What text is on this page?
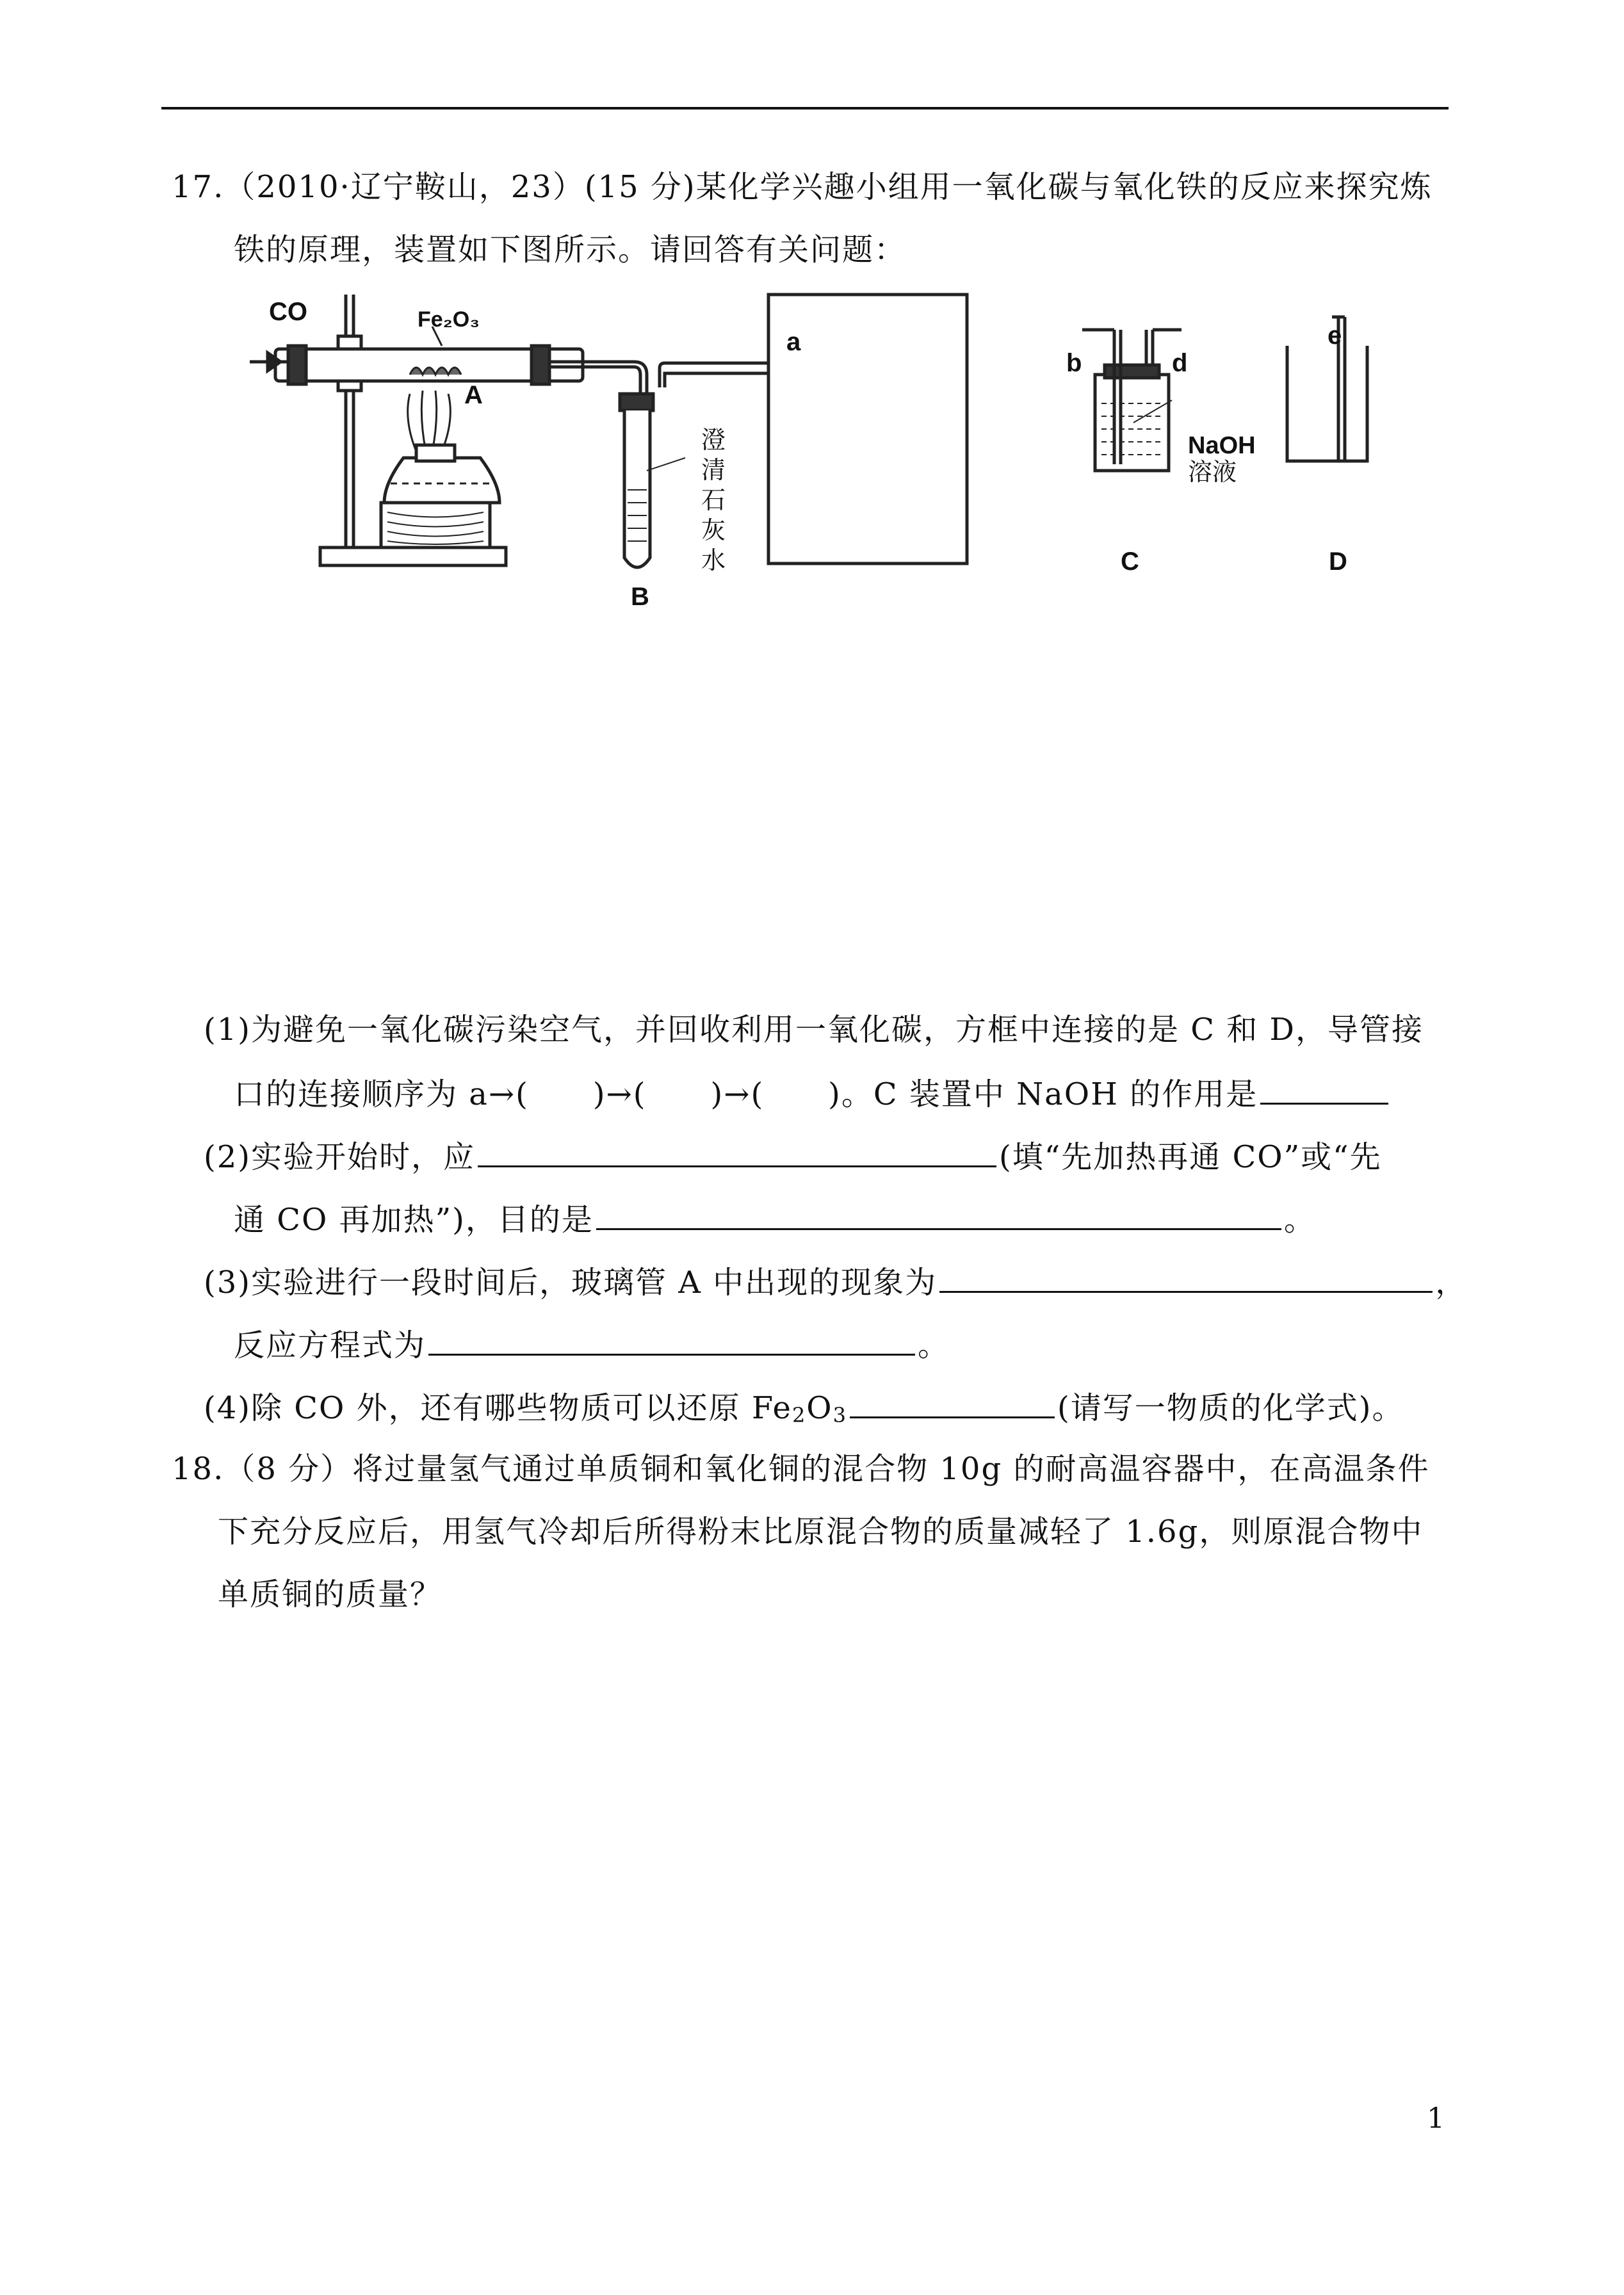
17.（2010·辽宁鞍山，23）(15 分)某化学兴趣小组用一氧化碳与氧化铁的反应来探究炼
铁的原理，装置如下图所示。请回答有关问题：
CO	Fe₂O₃
A
B
C	D
a
b	d
e
NaOH
溶液
澄
清
石
灰
水
(1)为避免一氧化碳污染空气，并回收利用一氧化碳，方框中连接的是 C 和 D，导管接
口的连接顺序为 a→(　　)→(　　)→(　　)。C 装置中 NaOH 的作用是
(2)实验开始时，应	(填“先加热再通 CO”或“先
通 CO 再加热”)，目的是	。
(3)实验进行一段时间后，玻璃管 A 中出现的现象为	，
反应方程式为	。
(4)除 CO 外，还有哪些物质可以还原 $Fe_2O_3$	(请写一物质的化学式)。
18.（8 分）将过量氢气通过单质铜和氧化铜的混合物 10g 的耐高温容器中，在高温条件
下充分反应后，用氢气冷却后所得粉末比原混合物的质量减轻了 1.6g，则原混合物中
单质铜的质量？
1
